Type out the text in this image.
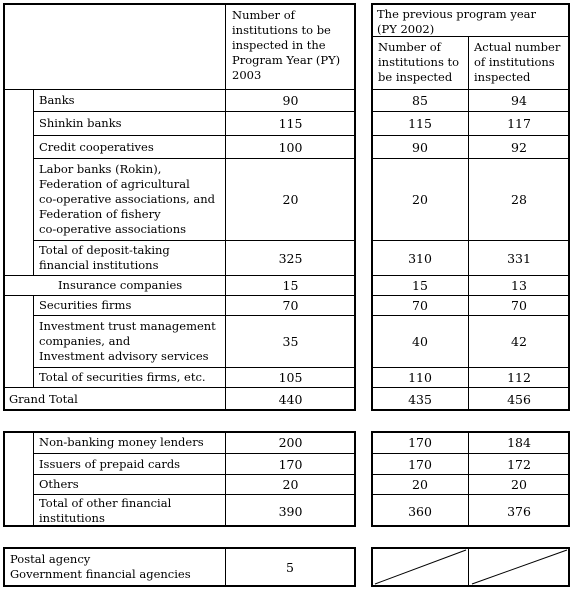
Number of
institutions to be
inspected in the
Program Year (PY)
2003
The previous program year
(PY 2002)
Number of
institutions to
be inspected
Actual number
of institutions
inspected
Banks	90	85	94
Shinkin banks	115	115	117
Credit cooperatives	100	90	92
Labor banks (Rokin),
Federation of agricultural
co-operative associations, and
Federation of fishery
co-operative associations
20	20	28
Total of deposit-taking
financial institutions	325	310	331
Insurance companies	15	15	13
Securities firms	70	70	70
Investment trust management
companies, and
Investment advisory services
35	40	42
Total of securities firms, etc.	105	110	112
Grand Total	440	435	456
Non-banking money lenders	200	170	184
Issuers of prepaid cards	170	170	172
Others	20	20	20
Total of other financial
institutions	390	360	376
Postal agency
Government financial agencies	5
